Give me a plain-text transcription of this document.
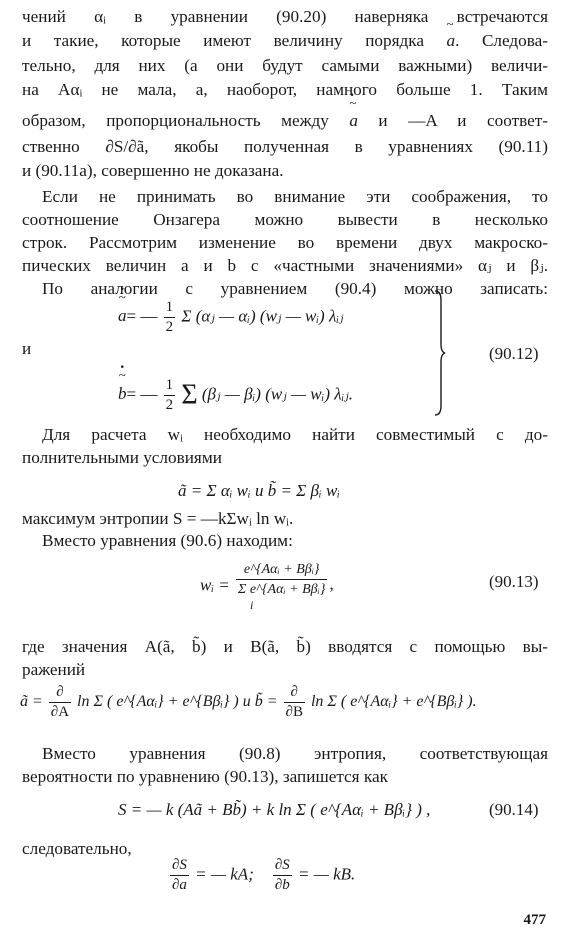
чений αᵢ в уравнении (90.20) наверняка встречаются
и такие, которые имеют величину порядка ~ a. Следова-
тельно, для них (а они будут самыми важными) величи-
на Aαᵢ не мала, а, наоборот, намного больше 1. Таким
образом, пропорциональность между ~ a · и —A и соответ-
ственно ∂S/∂ã, якобы полученная в уравнениях (90.11)
и (90.11а), совершенно не доказана.
Если не принимать во внимание эти соображения, то
соотношение Онзагера можно вывести в несколько
строк. Рассмотрим изменение во времени двух макроско-
пических величин a и b с «частными значениями» αⱼ и βⱼ.
По аналогии с уравнением (90.4) можно записать:
~ a ·= — $\frac{1}{2}$ Σ (αⱼ — αᵢ) (wⱼ — wᵢ) λᵢⱼ
и
~ b ·= — $\frac{1}{2}$ Σ (βⱼ — βᵢ) (wⱼ — wᵢ) λᵢⱼ.
(90.12)
Для расчета wᵢ необходимо найти совместимый с до-
полнительными условиями
ã = Σ αᵢ wᵢ и b̃ = Σ βᵢ wᵢ
максимум энтропии S = —kΣwᵢ ln wᵢ.
Вместо уравнения (90.6) находим:
wᵢ =
e^{Aαᵢ + Bβᵢ}
Σ e^{Aαᵢ + Bβᵢ}
i
,	(90.13)
где значения A(ã, b̃) и B(ã, b̃) вводятся с помощью вы-
ражений
ã = $\frac{\partial}{\partial A}$ ln Σ ( e^{Aαᵢ} + e^{Bβᵢ} ) и b̃ = $\frac{\partial}{\partial B}$ ln Σ ( e^{Aαᵢ} + e^{Bβᵢ} ).
Вместо уравнения (90.8) энтропия, соответствующая
вероятности по уравнению (90.13), запишется как
S = — k (Aã + Bb̃) + k ln Σ ( e^{Aαᵢ + Bβᵢ} ) ,	(90.14)
следовательно,
$\frac{\partial S}{\partial a}$ = — kA; $\frac{\partial S}{\partial b}$ = — kB.
477
